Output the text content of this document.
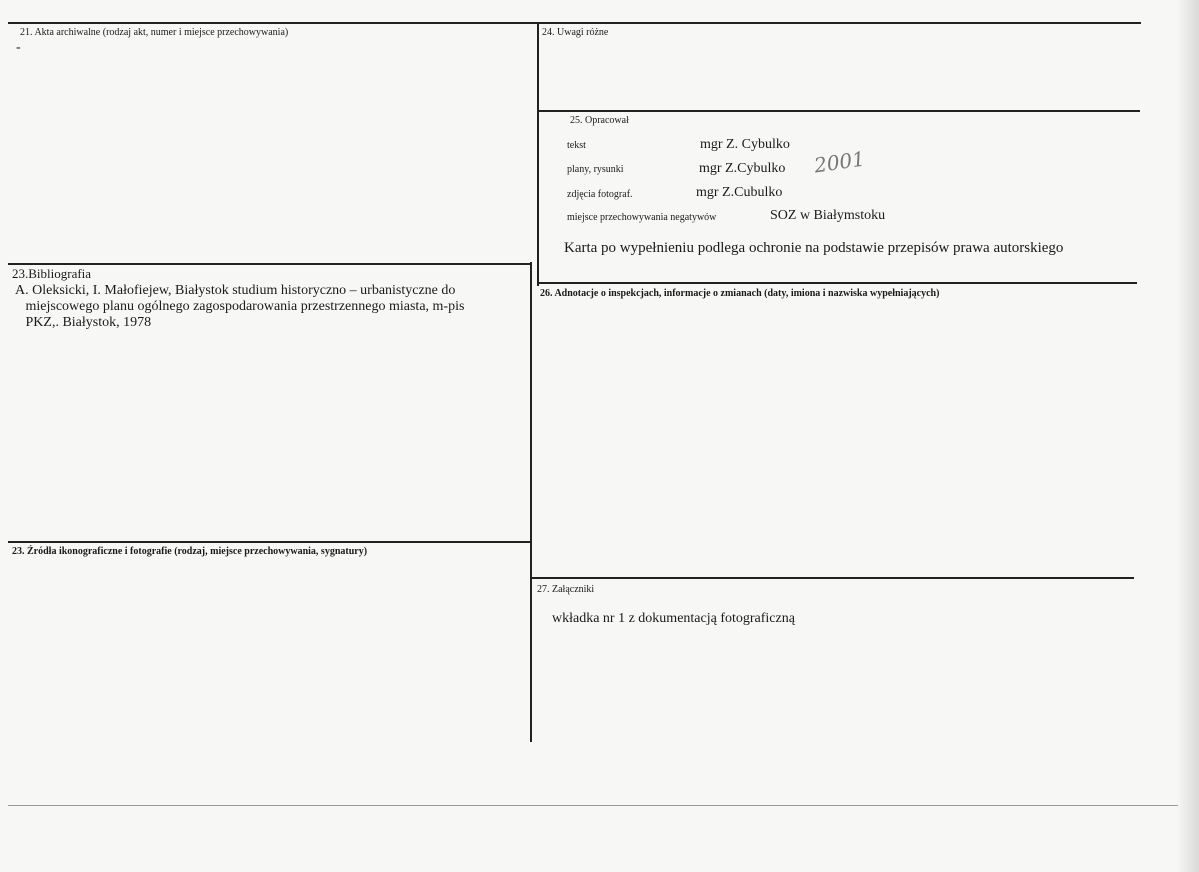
21. Akta archiwalne (rodzaj akt, numer i miejsce przechowywania)
-
24. Uwagi różne
25. Opracował
tekst	mgr Z. Cybulko
plany, rysunki	mgr Z.Cybulko
zdjęcia fotograf.	mgr Z.Cubulko
miejsce przechowywania negatywów	SOZ w Białymstoku
2001
Karta po wypełnieniu podlega ochronie na podstawie przepisów prawa autorskiego
23.Bibliografia
A. Oleksicki, I. Małofiejew, Białystok studium historyczno – urbanistyczne do
miejscowego planu ogólnego zagospodarowania przestrzennego miasta, m-pis
PKZ,. Białystok, 1978
26. Adnotacje o inspekcjach, informacje o zmianach (daty, imiona i nazwiska wypełniających)
23. Źródła ikonograficzne i fotografie (rodzaj, miejsce przechowywania, sygnatury)
27. Załączniki
wkładka nr 1 z dokumentacją fotograficzną
